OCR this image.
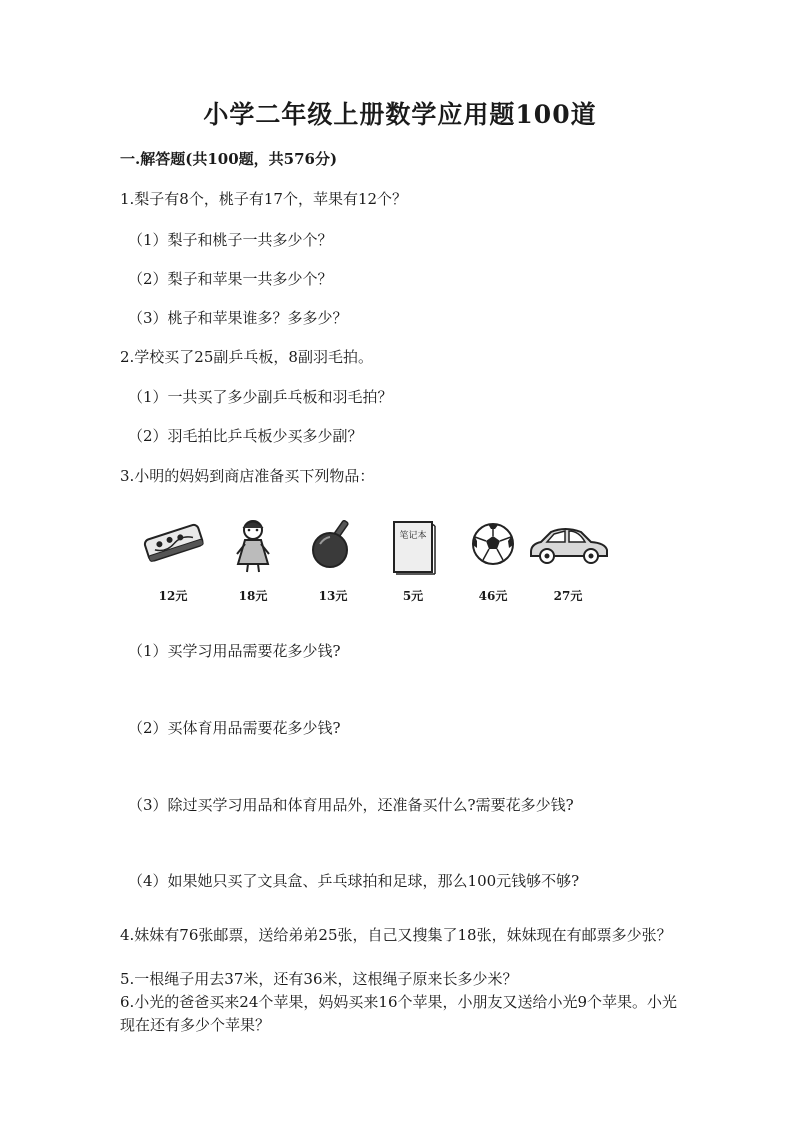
小学二年级上册数学应用题100道
一.解答题(共100题，共576分)
1.梨子有8个，桃子有17个，苹果有12个？
（1）梨子和桃子一共多少个？
（2）梨子和苹果一共多少个？
（3）桃子和苹果谁多？多多少？
2.学校买了25副乒乓板，8副羽毛拍。
（1）一共买了多少副乒乓板和羽毛拍？
（2）羽毛拍比乒乓板少买多少副？
3.小明的妈妈到商店准备买下列物品：
12元	18元	13元
笔记本
5元	46元	27元
（1）买学习用品需要花多少钱?
（2）买体育用品需要花多少钱?
（3）除过买学习用品和体育用品外，还准备买什么?需要花多少钱?
（4）如果她只买了文具盒、乒乓球拍和足球，那么100元钱够不够?
4.妹妹有76张邮票，送给弟弟25张，自己又搜集了18张，妹妹现在有邮票多少张？
5.一根绳子用去37米，还有36米，这根绳子原来长多少米？
6.小光的爸爸买来24个苹果，妈妈买来16个苹果，小朋友又送给小光9个苹果。小光现在还有多少个苹果？
